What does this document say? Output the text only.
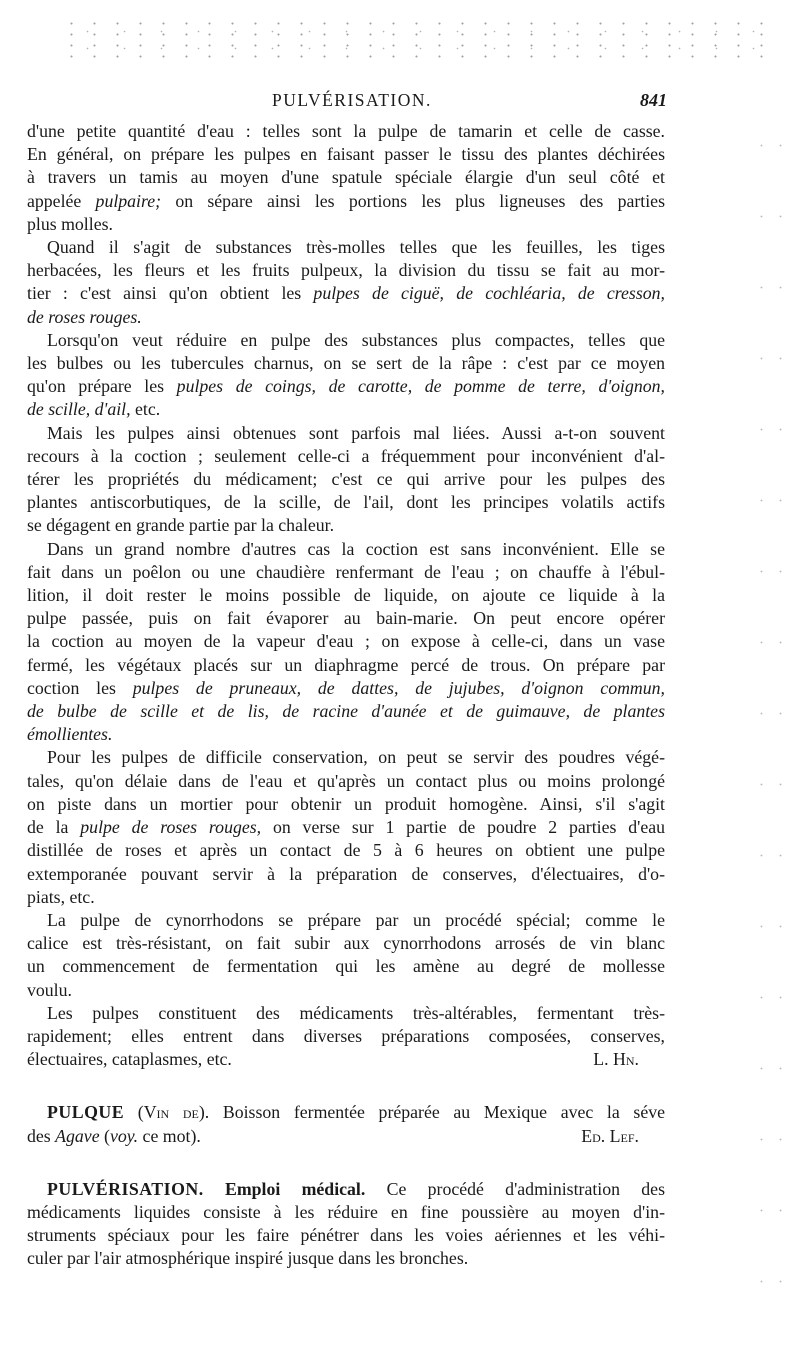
PULVÉRISATION.	841
d'une petite quantité d'eau : telles sont la pulpe de tamarin et celle de casse.
En général, on prépare les pulpes en faisant passer le tissu des plantes déchirées
à travers un tamis au moyen d'une spatule spéciale élargie d'un seul côté et
appelée pulpaire; on sépare ainsi les portions les plus ligneuses des parties
plus molles.
Quand il s'agit de substances très-molles telles que les feuilles, les tiges
herbacées, les fleurs et les fruits pulpeux, la division du tissu se fait au mor-
tier : c'est ainsi qu'on obtient les pulpes de ciguë, de cochléaria, de cresson,
de roses rouges.
Lorsqu'on veut réduire en pulpe des substances plus compactes, telles que
les bulbes ou les tubercules charnus, on se sert de la râpe : c'est par ce moyen
qu'on prépare les pulpes de coings, de carotte, de pomme de terre, d'oignon,
de scille, d'ail, etc.
Mais les pulpes ainsi obtenues sont parfois mal liées. Aussi a-t-on souvent
recours à la coction ; seulement celle-ci a fréquemment pour inconvénient d'al-
térer les propriétés du médicament; c'est ce qui arrive pour les pulpes des
plantes antiscorbutiques, de la scille, de l'ail, dont les principes volatils actifs
se dégagent en grande partie par la chaleur.
Dans un grand nombre d'autres cas la coction est sans inconvénient. Elle se
fait dans un poêlon ou une chaudière renfermant de l'eau ; on chauffe à l'ébul-
lition, il doit rester le moins possible de liquide, on ajoute ce liquide à la
pulpe passée, puis on fait évaporer au bain-marie. On peut encore opérer
la coction au moyen de la vapeur d'eau ; on expose à celle-ci, dans un vase
fermé, les végétaux placés sur un diaphragme percé de trous. On prépare par
coction les pulpes de pruneaux, de dattes, de jujubes, d'oignon commun,
de bulbe de scille et de lis, de racine d'aunée et de guimauve, de plantes
émollientes.
Pour les pulpes de difficile conservation, on peut se servir des poudres végé-
tales, qu'on délaie dans de l'eau et qu'après un contact plus ou moins prolongé
on piste dans un mortier pour obtenir un produit homogène. Ainsi, s'il s'agit
de la pulpe de roses rouges, on verse sur 1 partie de poudre 2 parties d'eau
distillée de roses et après un contact de 5 à 6 heures on obtient une pulpe
extemporanée pouvant servir à la préparation de conserves, d'électuaires, d'o-
piats, etc.
La pulpe de cynorrhodons se prépare par un procédé spécial; comme le
calice est très-résistant, on fait subir aux cynorrhodons arrosés de vin blanc
un commencement de fermentation qui les amène au degré de mollesse
voulu.
Les pulpes constituent des médicaments très-altérables, fermentant très-
rapidement; elles entrent dans diverses préparations composées, conserves,
électuaires, cataplasmes, etc.	L. Hn.
PULQUE (Vin de). Boisson fermentée préparée au Mexique avec la séve
des Agave (voy. ce mot).	Ed. Lef.
PULVÉRISATION. Emploi médical. Ce procédé d'administration des
médicaments liquides consiste à les réduire en fine poussière au moyen d'in-
struments spéciaux pour les faire pénétrer dans les voies aériennes et les véhi-
culer par l'air atmosphérique inspiré jusque dans les bronches.
